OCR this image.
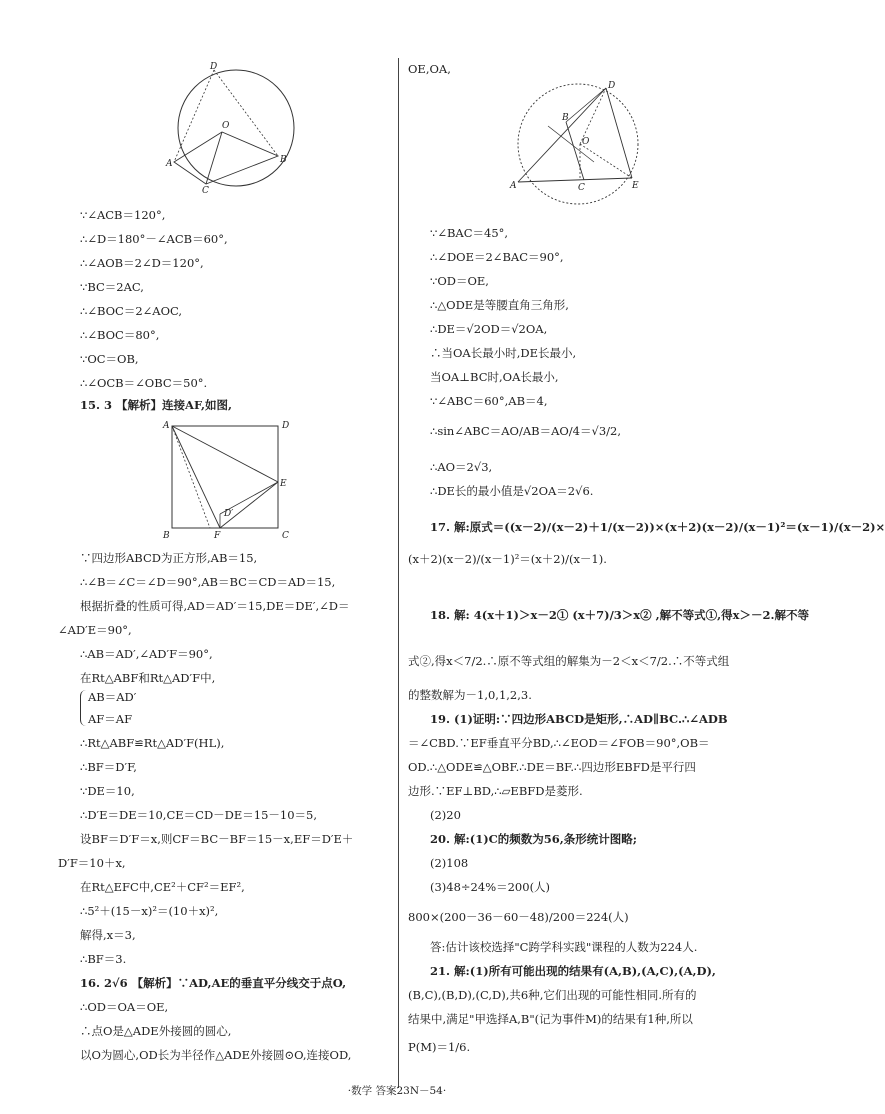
D
O
A	B
C
∵∠ACB＝120°,
∴∠D＝180°－∠ACB＝60°,
∴∠AOB＝2∠D＝120°,
∵BC＝2AC,
∴∠BOC＝2∠AOC,
∴∠BOC＝80°,
∵OC＝OB,
∴∠OCB＝∠OBC＝50°.
15. 3 【解析】连接AF,如图,
A	D
E
B	F
D′
C
∵四边形ABCD为正方形,AB＝15,
∴∠B＝∠C＝∠D＝90°,AB＝BC＝CD＝AD＝15,
根据折叠的性质可得,AD＝AD′＝15,DE＝DE′,∠D＝
∠AD′E＝90°,
∴AB＝AD′,∠AD′F＝90°,
在Rt△ABF和Rt△AD′F中,
AB＝AD′
AF＝AF
∴Rt△ABF≌Rt△AD′F(HL),
∴BF＝D′F,
∵DE＝10,
∴D′E＝DE＝10,CE＝CD－DE＝15－10＝5,
设BF＝D′F＝x,则CF＝BC－BF＝15－x,EF＝D′E＋
D′F＝10＋x,
在Rt△EFC中,CE²＋CF²＝EF²,
∴5²＋(15－x)²＝(10＋x)²,
解得,x＝3,
∴BF＝3.
16. 2√6 【解析】∵AD,AE的垂直平分线交于点O,
∴OD＝OA＝OE,
∴点O是△ADE外接圆的圆心,
以O为圆心,OD长为半径作△ADE外接圆⊙O,连接OD,
OE,OA,
D
B
O
A	C	E
∵∠BAC＝45°,
∴∠DOE＝2∠BAC＝90°,
∵OD＝OE,
∴△ODE是等腰直角三角形,
∴DE＝√2OD＝√2OA,
∴当OA长最小时,DE长最小,
当OA⊥BC时,OA长最小,
∵∠ABC＝60°,AB＝4,
∴sin∠ABC＝AO/AB＝AO/4＝√3/2,
∴AO＝2√3,
∴DE长的最小值是√2OA＝2√6.
17. 解:原式＝((x－2)/(x－2)＋1/(x－2))×(x＋2)(x－2)/(x－1)²＝(x－1)/(x－2)×
(x＋2)(x－2)/(x－1)²＝(x＋2)/(x－1).
18. 解: 4(x＋1)＞x－2① (x＋7)/3＞x② ,解不等式①,得x＞－2.解不等
式②,得x＜7/2.∴原不等式组的解集为－2＜x＜7/2.∴不等式组
的整数解为－1,0,1,2,3.
19. (1)证明:∵四边形ABCD是矩形,∴AD∥BC.∴∠ADB
＝∠CBD.∵EF垂直平分BD,∴∠EOD＝∠FOB＝90°,OB＝
OD.∴△ODE≌△OBF.∴DE＝BF.∴四边形EBFD是平行四
边形.∵EF⊥BD,∴▱EBFD是菱形.
(2)20
20. 解:(1)C的频数为56,条形统计图略;
(2)108
(3)48÷24%＝200(人)
800×(200－36－60－48)/200＝224(人)
答:估计该校选择"C跨学科实践"课程的人数为224人.
21. 解:(1)所有可能出现的结果有(A,B),(A,C),(A,D),
(B,C),(B,D),(C,D),共6种,它们出现的可能性相同.所有的
结果中,满足"甲选择A,B"(记为事件M)的结果有1种,所以
P(M)＝1/6.
·数学 答案23N－54·
